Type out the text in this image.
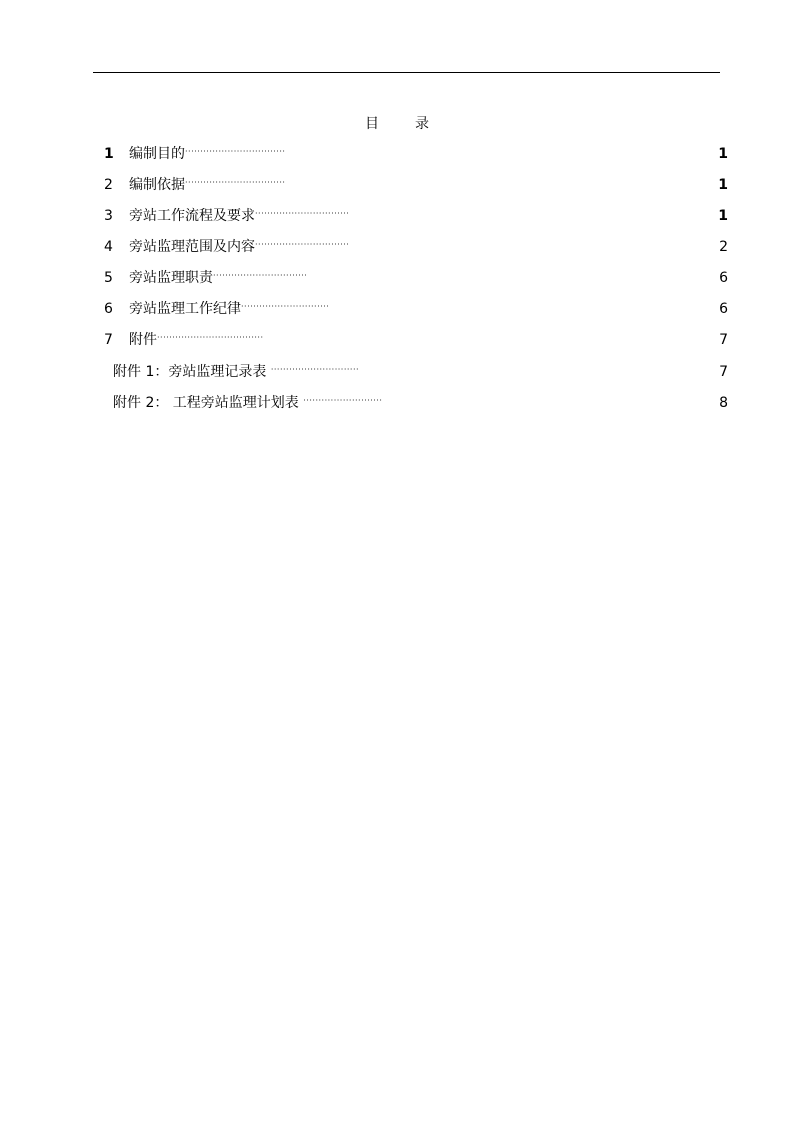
目	录
1 编制目的·································	1
2 编制依据·································	1
3 旁站工作流程及要求·······························	1
4 旁站监理范围及内容·······························	2
5 旁站监理职责·······························	6
6 旁站监理工作纪律·····························	6
7 附件···································	7
附件 1：旁站监理记录表 ·····························	7
附件 2： 工程旁站监理计划表 ··························	8
